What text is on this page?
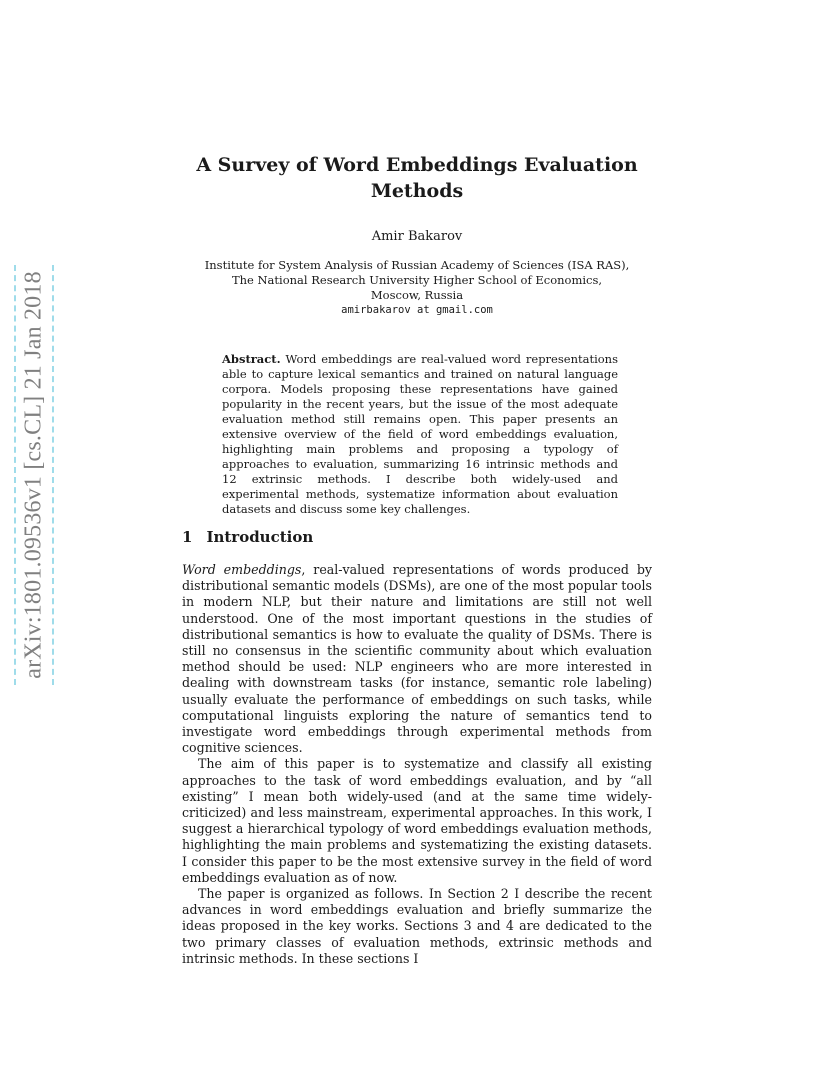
arXiv:1801.09536v1 [cs.CL] 21 Jan 2018
A Survey of Word Embeddings Evaluation
Methods
Amir Bakarov
Institute for System Analysis of Russian Academy of Sciences (ISA RAS),
The National Research University Higher School of Economics,
Moscow, Russia
amirbakarov at gmail.com
Abstract. Word embeddings are real-valued word representations able to capture lexical semantics and trained on natural language corpora. Models proposing these representations have gained popularity in the recent years, but the issue of the most adequate evaluation method still remains open. This paper presents an extensive overview of the field of word embeddings evaluation, highlighting main problems and proposing a typology of approaches to evaluation, summarizing 16 intrinsic methods and 12 extrinsic methods. I describe both widely-used and experimental methods, systematize information about evaluation datasets and discuss some key challenges.
1 Introduction

Word embeddings, real-valued representations of words produced by distributional semantic models (DSMs), are one of the most popular tools in modern NLP, but their nature and limitations are still not well understood. One of the most important questions in the studies of distributional semantics is how to evaluate the quality of DSMs. There is still no consensus in the scientific community about which evaluation method should be used: NLP engineers who are more interested in dealing with downstream tasks (for instance, semantic role labeling) usually evaluate the performance of embeddings on such tasks, while computational linguists exploring the nature of semantics tend to investigate word embeddings through experimental methods from cognitive sciences.

The aim of this paper is to systematize and classify all existing approaches to the task of word embeddings evaluation, and by “all existing” I mean both widely-used (and at the same time widely-criticized) and less mainstream, experimental approaches. In this work, I suggest a hierarchical typology of word embeddings evaluation methods, highlighting the main problems and systematizing the existing datasets. I consider this paper to be the most extensive survey in the field of word embeddings evaluation as of now.

The paper is organized as follows. In Section 2 I describe the recent advances in word embeddings evaluation and briefly summarize the ideas proposed in the key works. Sections 3 and 4 are dedicated to the two primary classes of evaluation methods, extrinsic methods and intrinsic methods. In these sections I
